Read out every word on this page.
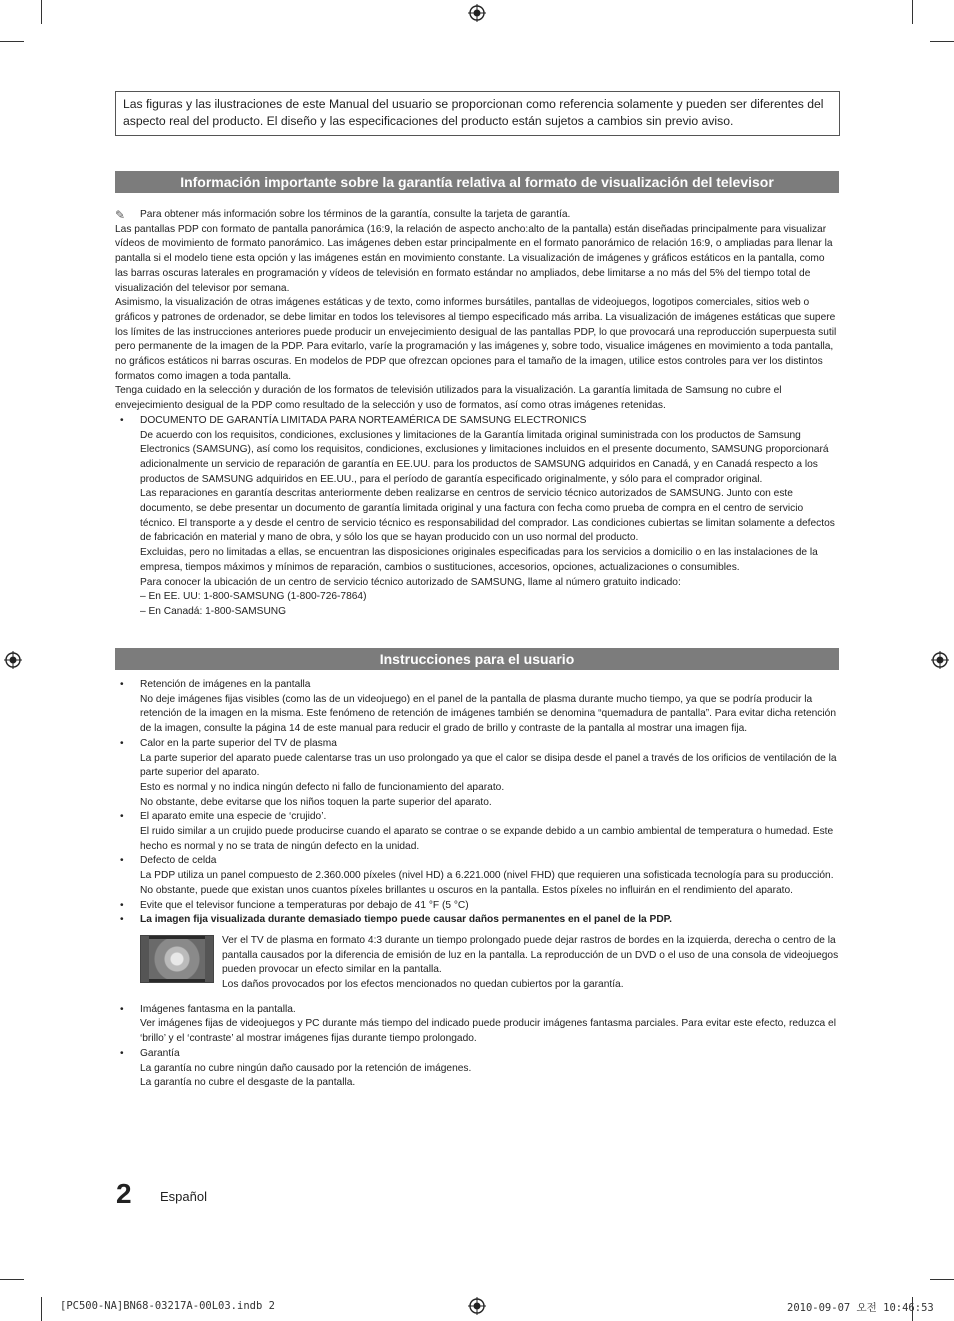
Las figuras y las ilustraciones de este Manual del usuario se proporcionan como referencia solamente y pueden ser diferentes del aspecto real del producto. El diseño y las especificaciones del producto están sujetos a cambios sin previo aviso.
Información importante sobre la garantía relativa al formato de visualización del televisor
✎	Para obtener más información sobre los términos de la garantía, consulte la tarjeta de garantía.

Las pantallas PDP con formato de pantalla panorámica (16:9, la relación de aspecto ancho:alto de la pantalla) están diseñadas principalmente para visualizar vídeos de movimiento de formato panorámico. Las imágenes deben estar principalmente en el formato panorámico de relación 16:9, o ampliadas para llenar la pantalla si el modelo tiene esta opción y las imágenes están en movimiento constante. La visualización de imágenes y gráficos estáticos en la pantalla, como las barras oscuras laterales en programación y vídeos de televisión en formato estándar no ampliados, debe limitarse a no más del 5% del tiempo total de visualización del televisor por semana.

Asimismo, la visualización de otras imágenes estáticas y de texto, como informes bursátiles, pantallas de videojuegos, logotipos comerciales, sitios web o gráficos y patrones de ordenador, se debe limitar en todos los televisores al tiempo especificado más arriba. La visualización de imágenes estáticas que supere los límites de las instrucciones anteriores puede producir un envejecimiento desigual de las pantallas PDP, lo que provocará una reproducción superpuesta sutil pero permanente de la imagen de la PDP. Para evitarlo, varíe la programación y las imágenes y, sobre todo, visualice imágenes en movimiento a toda pantalla, no gráficos estáticos ni barras oscuras. En modelos de PDP que ofrezcan opciones para el tamaño de la imagen, utilice estos controles para ver los distintos formatos como imagen a toda pantalla.

Tenga cuidado en la selección y duración de los formatos de televisión utilizados para la visualización. La garantía limitada de Samsung no cubre el envejecimiento desigual de la PDP como resultado de la selección y uso de formatos, así como otras imágenes retenidas.

•	DOCUMENTO DE GARANTÍA LIMITADA PARA NORTEAMÉRICA DE SAMSUNG ELECTRONICS

De acuerdo con los requisitos, condiciones, exclusiones y limitaciones de la Garantía limitada original suministrada con los productos de Samsung Electronics (SAMSUNG), así como los requisitos, condiciones, exclusiones y limitaciones incluidos en el presente documento, SAMSUNG proporcionará adicionalmente un servicio de reparación de garantía en EE.UU. para los productos de SAMSUNG adquiridos en Canadá, y en Canadá respecto a los productos de SAMSUNG adquiridos en EE.UU., para el período de garantía especificado originalmente, y sólo para el comprador original.

Las reparaciones en garantía descritas anteriormente deben realizarse en centros de servicio técnico autorizados de SAMSUNG. Junto con este documento, se debe presentar un documento de garantía limitada original y una factura con fecha como prueba de compra en el centro de servicio técnico. El transporte a y desde el centro de servicio técnico es responsabilidad del comprador. Las condiciones cubiertas se limitan solamente a defectos de fabricación en material y mano de obra, y sólo los que se hayan producido con un uso normal del producto.

Excluidas, pero no limitadas a ellas, se encuentran las disposiciones originales especificadas para los servicios a domicilio o en las instalaciones de la empresa, tiempos máximos y mínimos de reparación, cambios o sustituciones, accesorios, opciones, actualizaciones o consumibles.

Para conocer la ubicación de un centro de servicio técnico autorizado de SAMSUNG, llame al número gratuito indicado:

– En EE. UU: 1-800-SAMSUNG (1-800-726-7864)

– En Canadá: 1-800-SAMSUNG

Instrucciones para el usuario
•	Retención de imágenes en la pantalla

No deje imágenes fijas visibles (como las de un videojuego) en el panel de la pantalla de plasma durante mucho tiempo, ya que se podría producir la retención de la imagen en la misma. Este fenómeno de retención de imágenes también se denomina “quemadura de pantalla”. Para evitar dicha retención de la imagen, consulte la página 14 de este manual para reducir el grado de brillo y contraste de la pantalla al mostrar una imagen fija.

•	Calor en la parte superior del TV de plasma

La parte superior del aparato puede calentarse tras un uso prolongado ya que el calor se disipa desde el panel a través de los orificios de ventilación de la parte superior del aparato.

Esto es normal y no indica ningún defecto ni fallo de funcionamiento del aparato.

No obstante, debe evitarse que los niños toquen la parte superior del aparato.

•	El aparato emite una especie de ‘crujido’.

El ruido similar a un crujido puede producirse cuando el aparato se contrae o se expande debido a un cambio ambiental de temperatura o humedad. Este hecho es normal y no se trata de ningún defecto en la unidad.

•	Defecto de celda

La PDP utiliza un panel compuesto de 2.360.000 píxeles (nivel HD) a 6.221.000 (nivel FHD) que requieren una sofisticada tecnología para su producción. No obstante, puede que existan unos cuantos píxeles brillantes u oscuros en la pantalla. Estos píxeles no influirán en el rendimiento del aparato.

•	Evite que el televisor funcione a temperaturas por debajo de 41 °F (5 °C)

•	La imagen fija visualizada durante demasiado tiempo puede causar daños permanentes en el panel de la PDP.

Ver el TV de plasma en formato 4:3 durante un tiempo prolongado puede dejar rastros de bordes en la izquierda, derecha o centro de la pantalla causados por la diferencia de emisión de luz en la pantalla. La reproducción de un DVD o el uso de una consola de videojuegos pueden provocar un efecto similar en la pantalla.

Los daños provocados por los efectos mencionados no quedan cubiertos por la garantía.

•	Imágenes fantasma en la pantalla.

Ver imágenes fijas de videojuegos y PC durante más tiempo del indicado puede producir imágenes fantasma parciales. Para evitar este efecto, reduzca el ‘brillo’ y el ‘contraste’ al mostrar imágenes fijas durante tiempo prolongado.

•	Garantía

La garantía no cubre ningún daño causado por la retención de imágenes.

La garantía no cubre el desgaste de la pantalla.

2 Español
[PC500-NA]BN68-03217A-00L03.indb 2	2010-09-07 오전 10:46:53
